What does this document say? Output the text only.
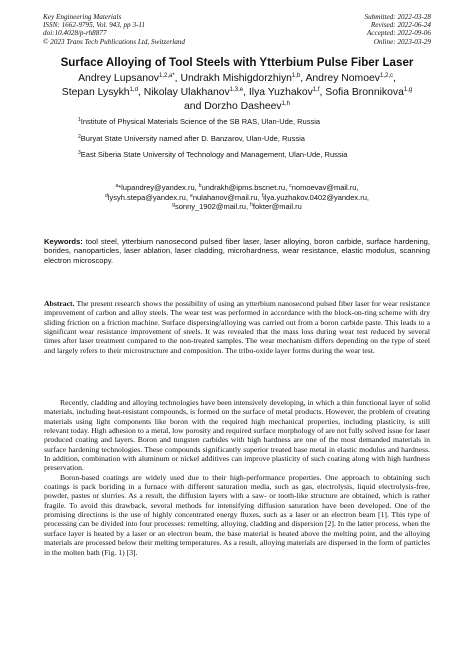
Key Engineering Materials
ISSN: 1662-9795, Vol. 943, pp 3-11
doi:10.4028/p-rh8877
© 2023 Trans Tech Publications Ltd, Switzerland
Submitted: 2022-03-28
Revised: 2022-06-24
Accepted: 2022-09-06
Online: 2023-03-29
Surface Alloying of Tool Steels with Ytterbium Pulse Fiber Laser
Andrey Lupsanov$^{1,2,a*}$, Undrakh Mishigdorzhiyn$^{1,b}$, Andrey Nomoev$^{1,2,c}$,
Stepan Lysykh$^{1,d}$, Nikolay Ulakhanov$^{1,3,e}$, Ilya Yuzhakov$^{1,f}$, Sofia Bronnikova$^{1,g}$
and Dorzho Dasheev$^{1,h}$
$^1$Institute of Physical Materials Science of the SB RAS, Ulan-Ude, Russia
$^2$Buryat State University named after D. Banzarov, Ulan-Ude, Russia
$^3$East Siberia State University of Technology and Management, Ulan-Ude, Russia
$^a$*lupandrey@yandex.ru, $^b$undrakh@ipms.bscnet.ru, $^c$nomoevav@mail.ru,
$^d$lysyh.stepa@yandex.ru, $^e$nulahanov@mail.ru, $^f$ilya.yuzhakov.0402@yandex.ru,
$^g$sonny_1902@mail.ru, $^h$fokter@mail.ru
Keywords: tool steel, ytterbium nanosecond pulsed fiber laser, laser alloying, boron carbide, surface hardening, borides, nanoparticles, laser ablation, laser cladding, microhardness, wear resistance, elastic modulus, scanning electron microscopy.
Abstract. The present research shows the possibility of using an ytterbium nanosecond pulsed fiber laser for wear resistance improvement of carbon and alloy steels. The wear test was performed in accordance with the block-on-ring scheme with dry sliding friction on a friction machine. Surface dispersing/alloying was carried out from a boron carbide paste. This leads to a significant wear resistance improvement of steels. It was revealed that the mass loss during wear test reduced by several times after laser treatment compared to the non-treated samples. The wear mechanism differs depending on the type of steel and largely refers to their microstructure and composition. The tribo-oxide layer forms during the wear test.

Recently, cladding and alloying technologies have been intensively developing, in which a thin functional layer of solid materials, including heat-resistant compounds, is formed on the surface of metal products. However, the problem of creating materials using light components like boron with the required high mechanical properties, including plasticity, is still relevant today. High adhesion to a metal, low porosity and required surface morphology of are not fully solved issue for laser produced coating and layers. Boron and tungsten carbides with high hardness are one of the most demanded materials in surface hardening technologies. These compounds significantly superior treated base metal in elastic modulus and hardness. In addition, combination with aluminum or nickel additives can improve plasticity of such coating along with high hardness preservation.

Boron-based coatings are widely used due to their high-performance properties. One approach to obtaining such coatings is pack boriding in a furnace with different saturation media, such as gas, electrolysis, liquid electrolysis-free, powder, pastes or slurries. As a result, the diffusion layers with a saw- or tooth-like structure are obtained, which is rather fragile. To avoid this drawback, several methods for intensifying diffusion saturation have been developed. One of the promising directions is the use of highly concentrated energy fluxes, such as a laser or an electron beam [1]. This type of processing can be divided into four processes: remelting, alloying, cladding and dispersion [2]. In the latter process, when the surface layer is heated by a laser or an electron beam, the base material is heated above the melting point, and the alloying materials are processed below their melting temperatures. As a result, alloying materials are dispersed in the form of particles in the molten bath (Fig. 1) [3].
